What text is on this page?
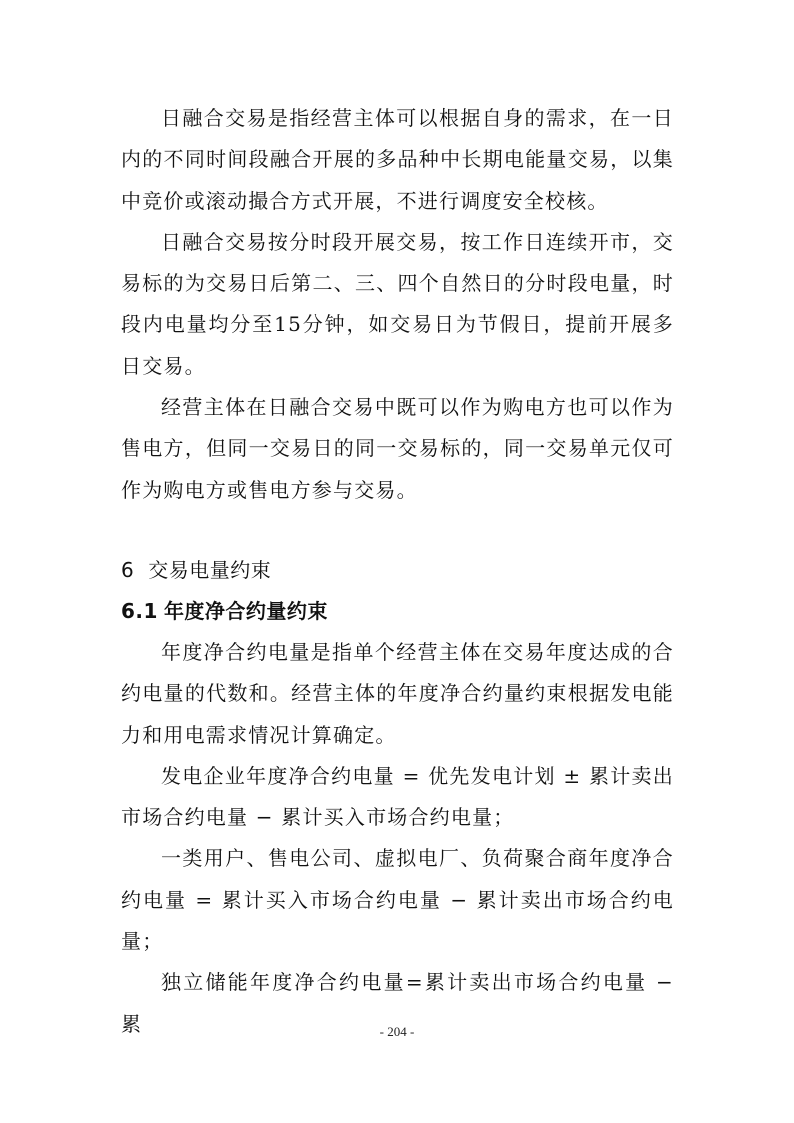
日融合交易是指经营主体可以根据自身的需求，在一日内的不同时间段融合开展的多品种中长期电能量交易，以集中竞价或滚动撮合方式开展，不进行调度安全校核。

日融合交易按分时段开展交易，按工作日连续开市，交易标的为交易日后第二、三、四个自然日的分时段电量，时段内电量均分至15分钟，如交易日为节假日，提前开展多日交易。

经营主体在日融合交易中既可以作为购电方也可以作为售电方，但同一交易日的同一交易标的，同一交易单元仅可作为购电方或售电方参与交易。

6 交易电量约束
6.1 年度净合约量约束

年度净合约电量是指单个经营主体在交易年度达成的合约电量的代数和。经营主体的年度净合约量约束根据发电能力和用电需求情况计算确定。

发电企业年度净合约电量 = 优先发电计划 ± 累计卖出市场合约电量 − 累计买入市场合约电量；

一类用户、售电公司、虚拟电厂、负荷聚合商年度净合约电量 = 累计买入市场合约电量 − 累计卖出市场合约电量；

独立储能年度净合约电量=累计卖出市场合约电量 − 累	- 204 -
